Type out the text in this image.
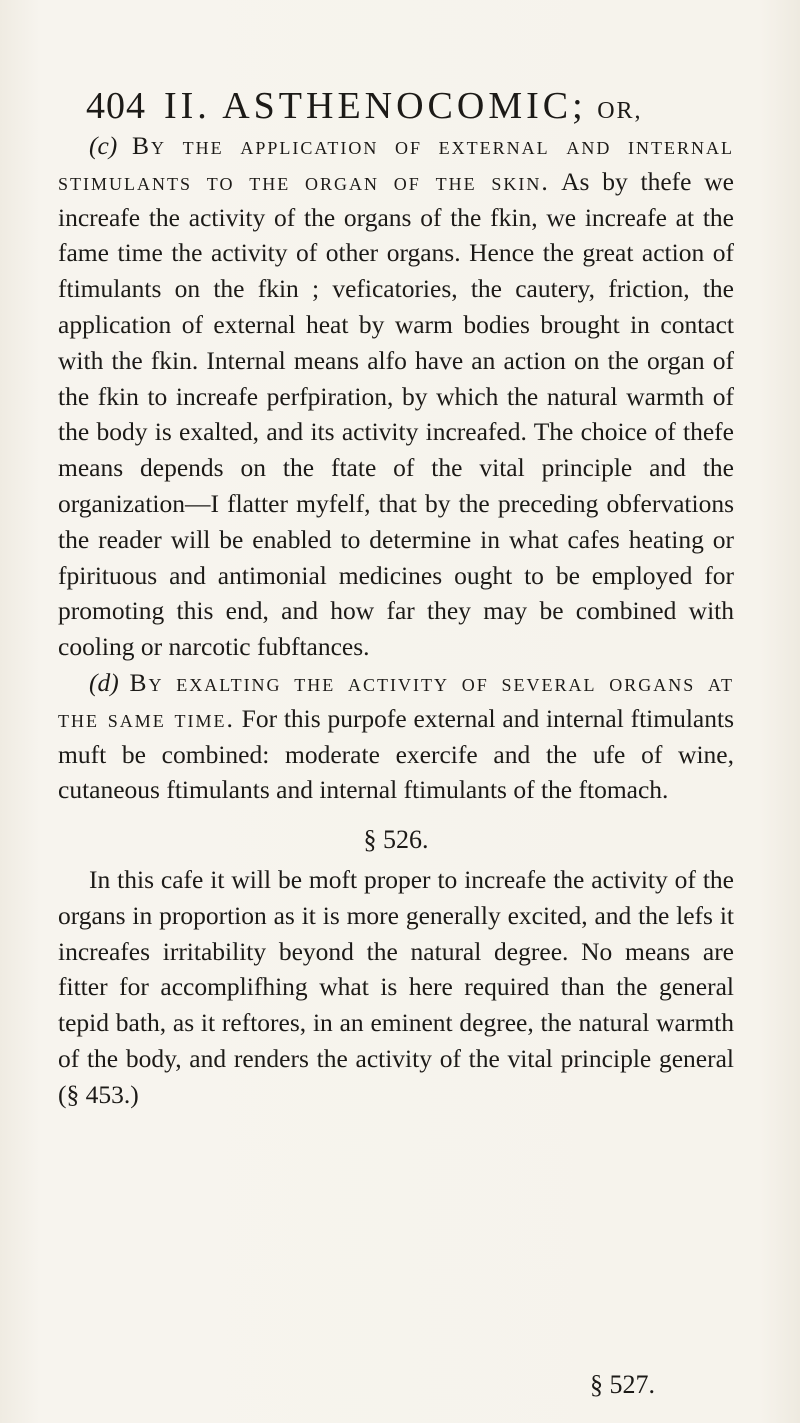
404 II. ASTHENOCOMIC; OR,

(c) By the application of external and internal stimulants to the organ of the skin. As by thefe we increafe the activity of the organs of the fkin, we increafe at the fame time the activity of other organs. Hence the great action of ftimulants on the fkin ; veficatories, the cautery, friction, the application of external heat by warm bodies brought in contact with the fkin. Internal means alfo have an action on the organ of the fkin to increafe perfpiration, by which the natural warmth of the body is exalted, and its activity increafed. The choice of thefe means depends on the ftate of the vital principle and the organization—I flatter myfelf, that by the preceding obfervations the reader will be enabled to determine in what cafes heating or fpirituous and antimonial medicines ought to be employed for promoting this end, and how far they may be combined with cooling or narcotic fubftances.

(d) By exalting the activity of several organs at the same time. For this purpofe external and internal ftimulants muft be combined: moderate exercife and the ufe of wine, cutaneous ftimulants and internal ftimulants of the ftomach.

§ 526.

In this cafe it will be moft proper to increafe the activity of the organs in proportion as it is more generally excited, and the lefs it increafes irritability beyond the natural degree. No means are fitter for accomplifhing what is here required than the general tepid bath, as it reftores, in an eminent degree, the natural warmth of the body, and renders the activity of the vital principle general (§ 453.)

§ 527.
